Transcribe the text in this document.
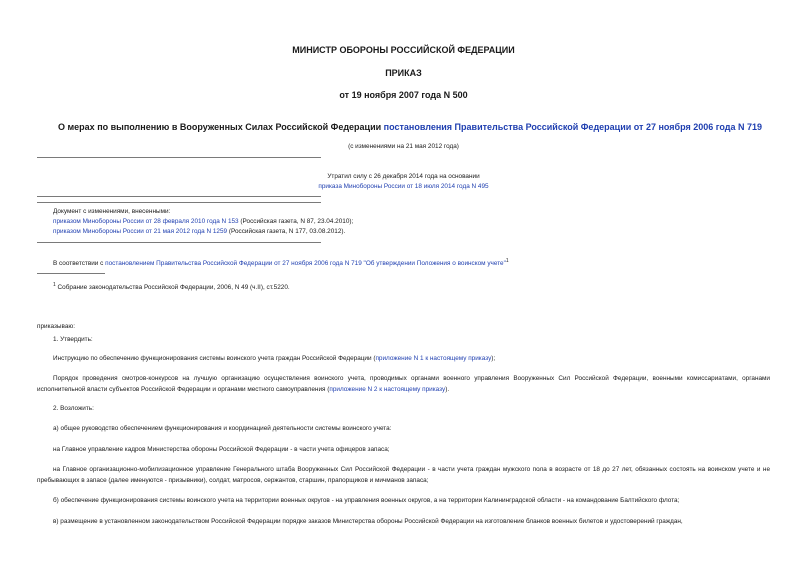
МИНИСТР ОБОРОНЫ РОССИЙСКОЙ ФЕДЕРАЦИИ
ПРИКАЗ
от 19 ноября 2007 года N 500
О мерах по выполнению в Вооруженных Силах Российской Федерации постановления Правительства Российской Федерации от 27 ноября 2006 года N 719
(с изменениями на 21 мая 2012 года)
Утратил силу с 26 декабря 2014 года на основании
приказа Минобороны России от 18 июля 2014 года N 495
Документ с изменениями, внесенными:
приказом Минобороны России от 28 февраля 2010 года N 153 (Российская газета, N 87, 23.04.2010);
приказом Минобороны России от 21 мая 2012 года N 1259 (Российская газета, N 177, 03.08.2012).
В соответствии с постановлением Правительства Российской Федерации от 27 ноября 2006 года N 719 "Об утверждении Положения о воинском учете"$^1$
$^1$ Собрание законодательства Российской Федерации, 2006, N 49 (ч.II), ст.5220.
приказываю:
1. Утвердить:
Инструкцию по обеспечению функционирования системы воинского учета граждан Российской Федерации (приложение N 1 к настоящему приказу);
Порядок проведения смотров-конкурсов на лучшую организацию осуществления воинского учета, проводимых органами военного управления Вооруженных Сил Российской Федерации, военными комиссариатами, органами исполнительной власти субъектов Российской Федерации и органами местного самоуправления (приложение N 2 к настоящему приказу).
2. Возложить:
а) общее руководство обеспечением функционирования и координацией деятельности системы воинского учета:
на Главное управление кадров Министерства обороны Российской Федерации - в части учета офицеров запаса;
на Главное организационно-мобилизационное управление Генерального штаба Вооруженных Сил Российской Федерации - в части учета граждан мужского пола в возрасте от 18 до 27 лет, обязанных состоять на воинском учете и не пребывающих в запасе (далее именуются - призывники), солдат, матросов, сержантов, старшин, прапорщиков и мичманов запаса;
б) обеспечение функционирования системы воинского учета на территории военных округов - на управления военных округов, а на территории Калининградской области - на командование Балтийского флота;
в) размещение в установленном законодательством Российской Федерации порядке заказов Министерства обороны Российской Федерации на изготовление бланков военных билетов и удостоверений граждан,
